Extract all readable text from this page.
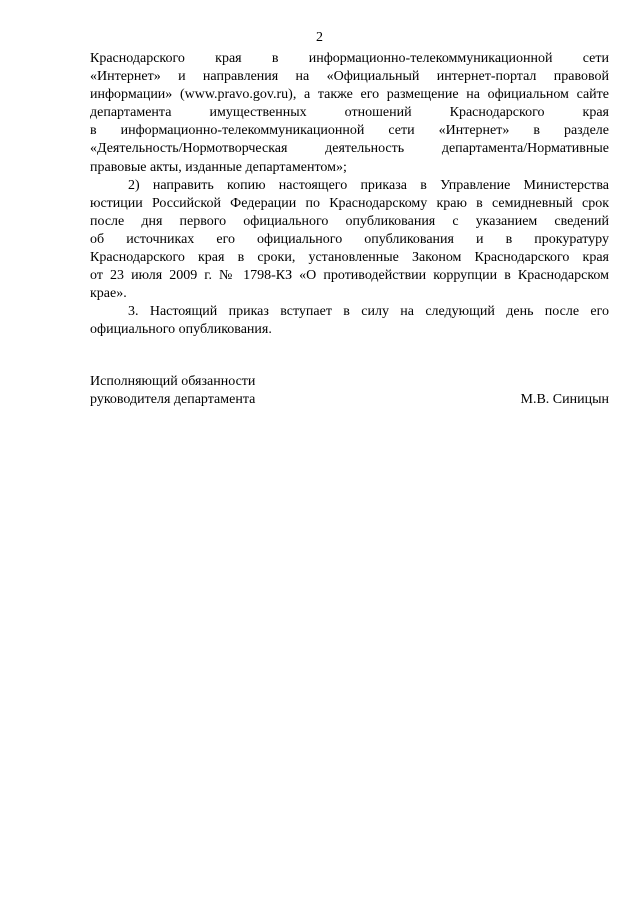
2

Краснодарского края в информационно-телекоммуникационной сети
«Интернет» и направления на «Официальный интернет-портал правовой
информации» (www.pravo.gov.ru), а также его размещение на официальном сайте
департамента имущественных отношений Краснодарского края
в информационно-телекоммуникационной сети «Интернет» в разделе
«Деятельность/Нормотворческая деятельность департамента/Нормативные
правовые акты, изданные департаментом»;

2) направить копию настоящего приказа в Управление Министерства
юстиции Российской Федерации по Краснодарскому краю в семидневный срок
после дня первого официального опубликования с указанием сведений
об источниках его официального опубликования и в прокуратуру
Краснодарского края в сроки, установленные Законом Краснодарского края
от 23 июля 2009 г. № 1798-КЗ «О противодействии коррупции в Краснодарском
крае».

3. Настоящий приказ вступает в силу на следующий день после его
официального опубликования.

Исполняющий обязанности
руководителя департамента	М.В. Синицын
